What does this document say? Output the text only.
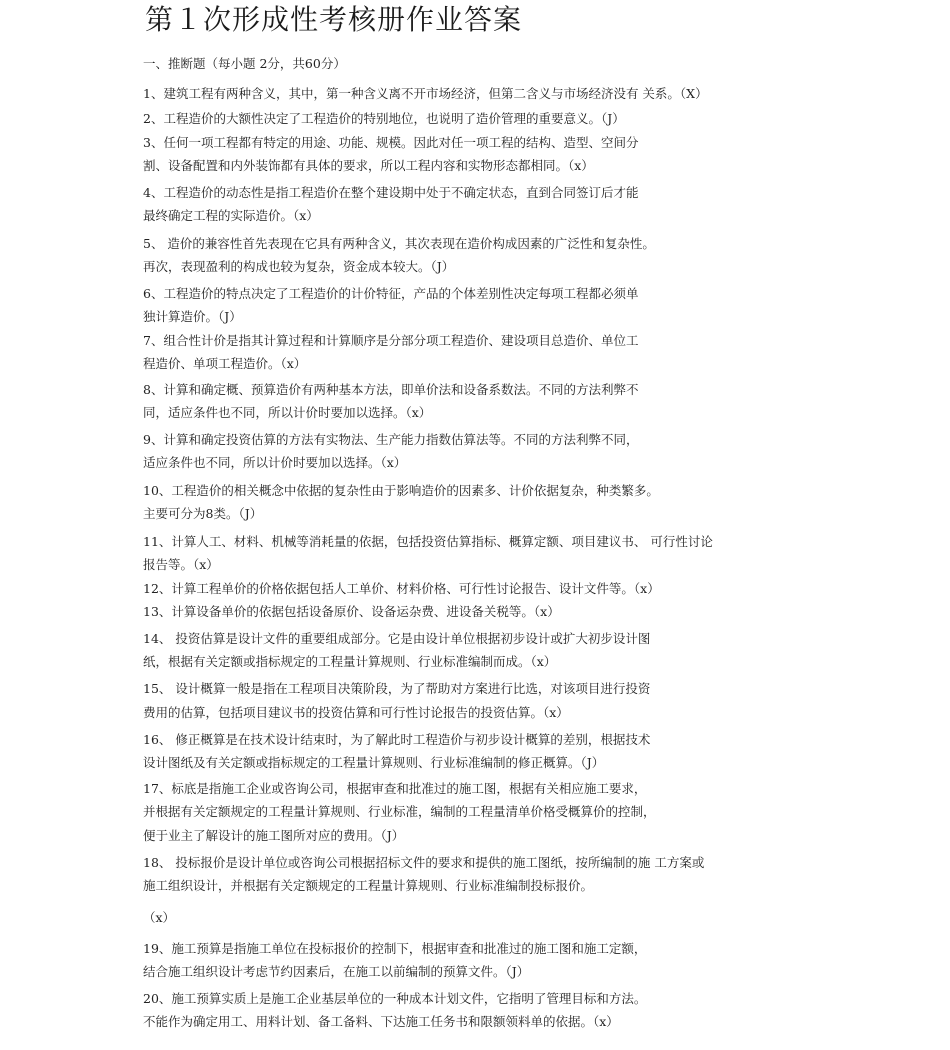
第１次形成性考核册作业答案
一、推断题（每小题 2分，共60分）
1、建筑工程有两种含义，其中，第一种含义离不开市场经济，但第二含义与市场经济没有 关系。（X）
2、工程造价的大额性决定了工程造价的特别地位，也说明了造价管理的重要意义。（J）
3、任何一项工程都有特定的用途、功能、规模。因此对任一项工程的结构、造型、空间分
割、设备配置和内外装饰都有具体的要求，所以工程内容和实物形态都相同。（x）
4、工程造价的动态性是指工程造价在整个建设期中处于不确定状态，直到合同签订后才能
最终确定工程的实际造价。（x）
5、 造价的兼容性首先表现在它具有两种含义，其次表现在造价构成因素的广泛性和复杂性。
再次，表现盈利的构成也较为复杂，资金成本较大。（J）
6、工程造价的特点决定了工程造价的计价特征，产品的个体差别性决定每项工程都必须单
独计算造价。（J）
7、组合性计价是指其计算过程和计算顺序是分部分项工程造价、建设项目总造价、单位工
程造价、单项工程造价。（x）
8、计算和确定概、预算造价有两种基本方法，即单价法和设备系数法。不同的方法利弊不
同，适应条件也不同，所以计价时要加以选择。（x）
9、计算和确定投资估算的方法有实物法、生产能力指数估算法等。不同的方法利弊不同，
适应条件也不同，所以计价时要加以选择。（x）
10、工程造价的相关概念中依据的复杂性由于影响造价的因素多、计价依据复杂，种类繁多。
主要可分为8类。（J）
11、计算人工、材料、机械等消耗量的依据，包括投资估算指标、概算定额、项目建议书、 可行性讨论
报告等。（x）
12、计算工程单价的价格依据包括人工单价、材料价格、可行性讨论报告、设计文件等。（x）
13、计算设备单价的依据包括设备原价、设备运杂费、进设备关税等。（x）
14、 投资估算是设计文件的重要组成部分。它是由设计单位根据初步设计或扩大初步设计图
纸，根据有关定额或指标规定的工程量计算规则、行业标准编制而成。（x）
15、 设计概算一般是指在工程项目决策阶段，为了帮助对方案进行比选，对该项目进行投资
费用的估算，包括项目建议书的投资估算和可行性讨论报告的投资估算。（x）
16、 修正概算是在技术设计结束时，为了解此时工程造价与初步设计概算的差别，根据技术
设计图纸及有关定额或指标规定的工程量计算规则、行业标准编制的修正概算。（J）
17、标底是指施工企业或咨询公司，根据审查和批准过的施工图，根据有关相应施工要求，
并根据有关定额规定的工程量计算规则、行业标准，编制的工程量清单价格受概算价的控制，
便于业主了解设计的施工图所对应的费用。（J）
18、 投标报价是设计单位或咨询公司根据招标文件的要求和提供的施工图纸，按所编制的施 工方案或
施工组织设计，并根据有关定额规定的工程量计算规则、行业标准编制投标报价。
（x）
19、施工预算是指施工单位在投标报价的控制下，根据审查和批准过的施工图和施工定额，
结合施工组织设计考虑节约因素后，在施工以前编制的预算文件。（J）
20、施工预算实质上是施工企业基层单位的一种成本计划文件，它指明了管理目标和方法。
不能作为确定用工、用料计划、备工备料、下达施工任务书和限额领料单的依据。（x）
